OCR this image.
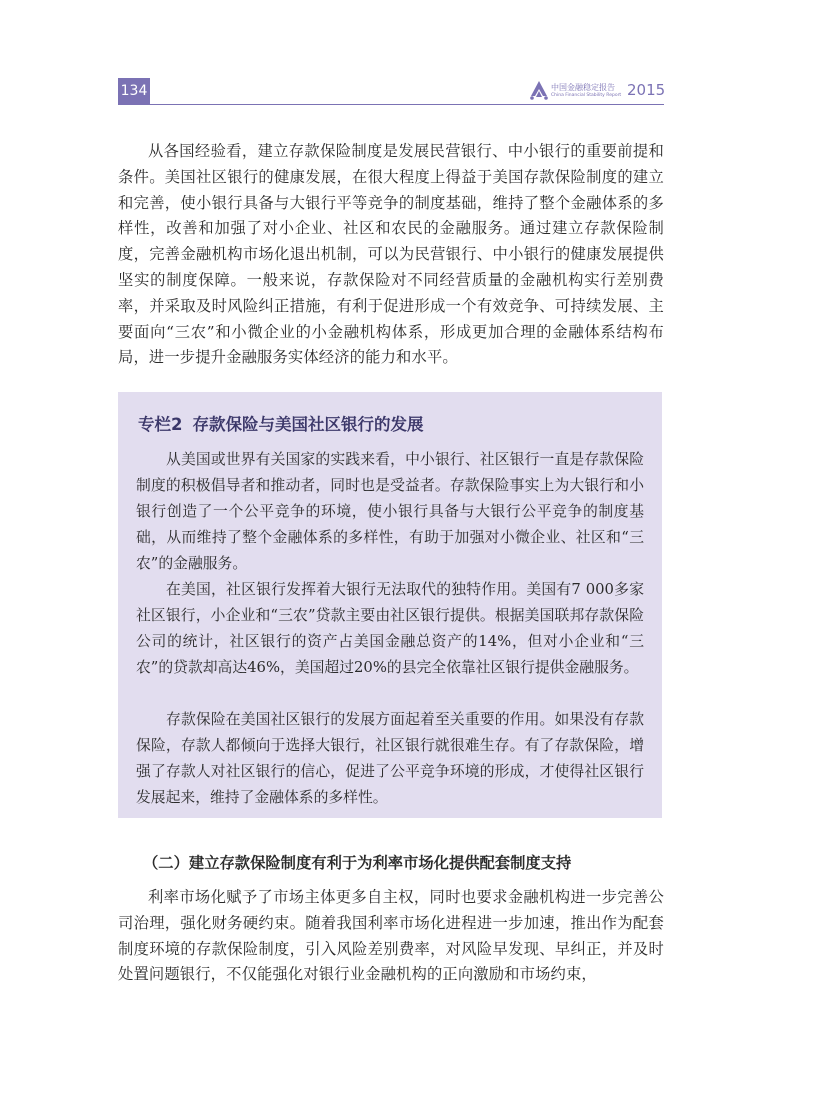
134	中国金融稳定报告
China Financial Stability Report 2015

从各国经验看，建立存款保险制度是发展民营银行、中小银行的重要前提和条件。美国社区银行的健康发展，在很大程度上得益于美国存款保险制度的建立和完善，使小银行具备与大银行平等竞争的制度基础，维持了整个金融体系的多样性，改善和加强了对小企业、社区和农民的金融服务。通过建立存款保险制度，完善金融机构市场化退出机制，可以为民营银行、中小银行的健康发展提供坚实的制度保障。一般来说，存款保险对不同经营质量的金融机构实行差别费率，并采取及时风险纠正措施，有利于促进形成一个有效竞争、可持续发展、主要面向“三农”和小微企业的小金融机构体系，形成更加合理的金融体系结构布局，进一步提升金融服务实体经济的能力和水平。

专栏2 存款保险与美国社区银行的发展

从美国或世界有关国家的实践来看，中小银行、社区银行一直是存款保险制度的积极倡导者和推动者，同时也是受益者。存款保险事实上为大银行和小银行创造了一个公平竞争的环境，使小银行具备与大银行公平竞争的制度基础，从而维持了整个金融体系的多样性，有助于加强对小微企业、社区和“三农”的金融服务。

在美国，社区银行发挥着大银行无法取代的独特作用。美国有7 000多家社区银行，小企业和“三农”贷款主要由社区银行提供。根据美国联邦存款保险公司的统计，社区银行的资产占美国金融总资产的14%，但对小企业和“三农”的贷款却高达46%，美国超过20%的县完全依靠社区银行提供金融服务。

存款保险在美国社区银行的发展方面起着至关重要的作用。如果没有存款保险，存款人都倾向于选择大银行，社区银行就很难生存。有了存款保险，增强了存款人对社区银行的信心，促进了公平竞争环境的形成，才使得社区银行发展起来，维持了金融体系的多样性。

（二）建立存款保险制度有利于为利率市场化提供配套制度支持

利率市场化赋予了市场主体更多自主权，同时也要求金融机构进一步完善公司治理，强化财务硬约束。随着我国利率市场化进程进一步加速，推出作为配套制度环境的存款保险制度，引入风险差别费率，对风险早发现、早纠正，并及时处置问题银行，不仅能强化对银行业金融机构的正向激励和市场约束，
